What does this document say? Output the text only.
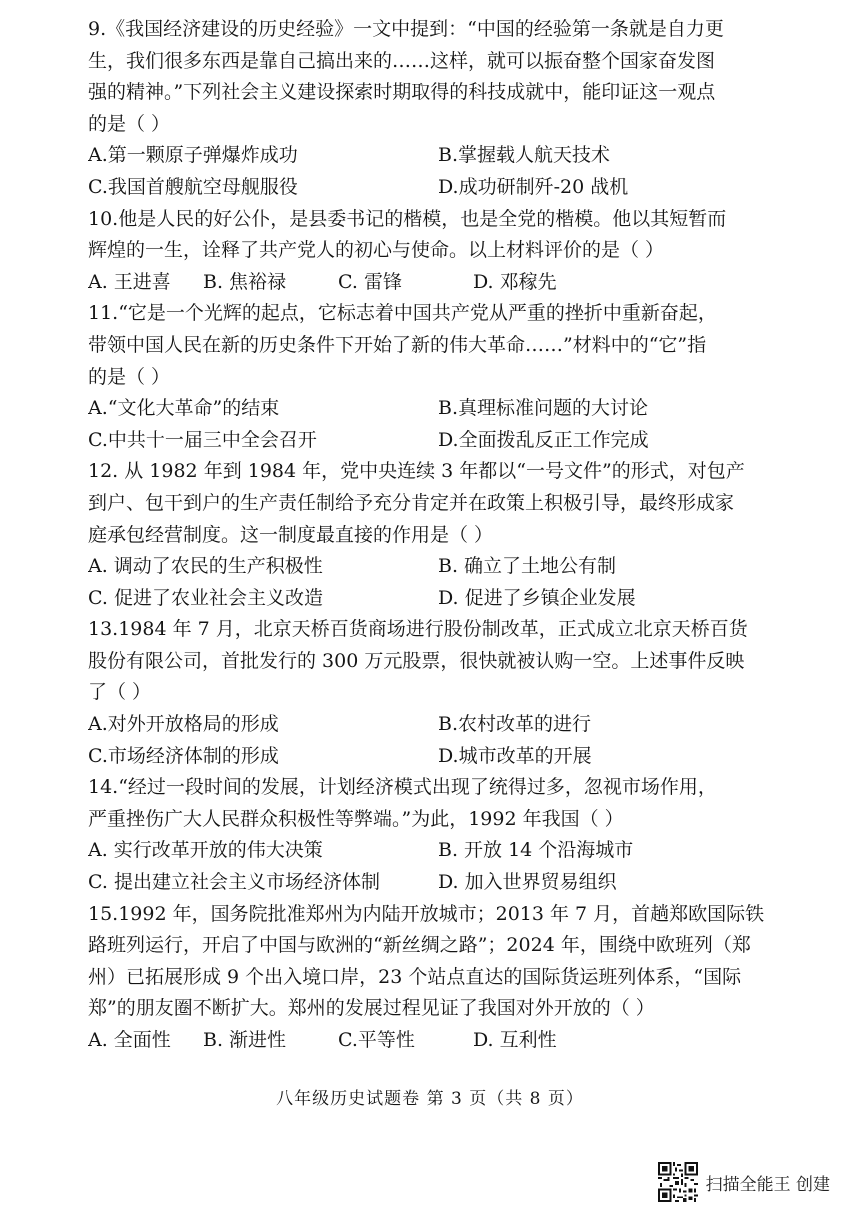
9.《我国经济建设的历史经验》一文中提到：“中国的经验第一条就是自力更
生，我们很多东西是靠自己搞出来的……这样，就可以振奋整个国家奋发图
强的精神。”下列社会主义建设探索时期取得的科技成就中，能印证这一观点
的是（ ）
A.第一颗原子弹爆炸成功	B.掌握载人航天技术
C.我国首艘航空母舰服役	D.成功研制歼-20 战机
10.他是人民的好公仆，是县委书记的楷模，也是全党的楷模。他以其短暂而
辉煌的一生，诠释了共产党人的初心与使命。以上材料评价的是（ ）
A. 王进喜	B. 焦裕禄	C. 雷锋	D. 邓稼先
11.“它是一个光辉的起点，它标志着中国共产党从严重的挫折中重新奋起，
带领中国人民在新的历史条件下开始了新的伟大革命……”材料中的“它”指
的是（ ）
A.“文化大革命”的结束	B.真理标准问题的大讨论
C.中共十一届三中全会召开	D.全面拨乱反正工作完成
12. 从 1982 年到 1984 年，党中央连续 3 年都以“一号文件”的形式，对包产
到户、包干到户的生产责任制给予充分肯定并在政策上积极引导，最终形成家
庭承包经营制度。这一制度最直接的作用是（ ）
A. 调动了农民的生产积极性	B. 确立了土地公有制
C. 促进了农业社会主义改造	D. 促进了乡镇企业发展
13.1984 年 7 月，北京天桥百货商场进行股份制改革，正式成立北京天桥百货
股份有限公司，首批发行的 300 万元股票，很快就被认购一空。上述事件反映
了（ ）
A.对外开放格局的形成	B.农村改革的进行
C.市场经济体制的形成	D.城市改革的开展
14.“经过一段时间的发展，计划经济模式出现了统得过多，忽视市场作用，
严重挫伤广大人民群众积极性等弊端。”为此，1992 年我国（ ）
A. 实行改革开放的伟大决策	B. 开放 14 个沿海城市
C. 提出建立社会主义市场经济体制	D. 加入世界贸易组织
15.1992 年，国务院批准郑州为内陆开放城市；2013 年 7 月，首趟郑欧国际铁
路班列运行，开启了中国与欧洲的“新丝绸之路”；2024 年，围绕中欧班列（郑
州）已拓展形成 9 个出入境口岸，23 个站点直达的国际货运班列体系，“国际
郑”的朋友圈不断扩大。郑州的发展过程见证了我国对外开放的（ ）
A. 全面性	B. 渐进性	C.平等性	D. 互利性
八年级历史试题卷 第 3 页（共 8 页）
扫描全能王 创建
